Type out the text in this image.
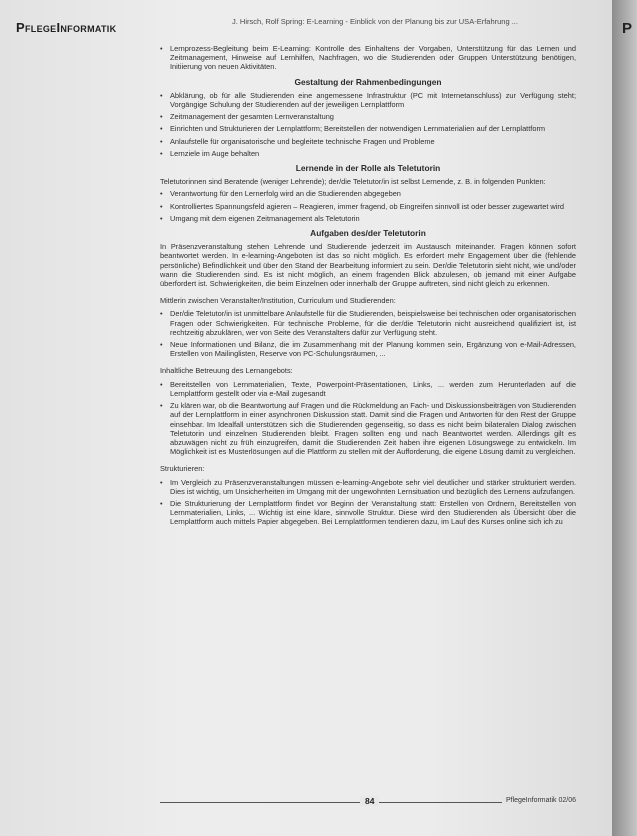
PflegeInformatik	J. Hirsch, Rolf Spring: E-Learning - Einblick von der Planung bis zur USA-Erfahrung ...
• Lernprozess-Begleitung beim E-Learning: Kontrolle des Einhaltens der Vorgaben, Unterstützung für das Lernen und Zeitmanagement, Hinweise auf Lernhilfen, Nachfragen, wo die Studierenden oder Gruppen Unterstützung benötigen, Initiierung von neuen Aktivitäten.
Gestaltung der Rahmenbedingungen
• Abklärung, ob für alle Studierenden eine angemessene Infrastruktur (PC mit Internetanschluss) zur Verfügung steht; Vorgängige Schulung der Studierenden auf der jeweiligen Lernplattform
• Zeitmanagement der gesamten Lernveranstaltung
• Einrichten und Strukturieren der Lernplattform; Bereitstellen der notwendigen Lernmaterialien auf der Lernplattform
• Anlaufstelle für organisatorische und begleitete technische Fragen und Probleme
• Lernziele im Auge behalten
Lernende in der Rolle als Teletutorin

Teletutorinnen sind Beratende (weniger Lehrende); der/die Teletutor/in ist selbst Lernende, z. B. in folgenden Punkten:

• Verantwortung für den Lernerfolg wird an die Studierenden abgegeben
• Kontrolliertes Spannungsfeld agieren – Reagieren, immer fragend, ob Eingreifen sinnvoll ist oder besser zugewartet wird
• Umgang mit dem eigenen Zeitmanagement als Teletutorin
Aufgaben des/der Teletutorin

In Präsenzveranstaltung stehen Lehrende und Studierende jederzeit im Austausch miteinander. Fragen können sofort beantwortet werden. In e-learning-Angeboten ist das so nicht möglich. Es erfordert mehr Engagement über die (fehlende persönliche) Befindlichkeit und über den Stand der Bearbeitung informiert zu sein. Der/die Teletutorin sieht nicht, wie und/oder wann die Studierenden sind. Es ist nicht möglich, an einem fragenden Blick abzulesen, ob jemand mit einer Aufgabe überfordert ist. Schwierigkeiten, die beim Einzelnen oder innerhalb der Gruppe auftreten, sind nicht gleich zu erkennen.

Mittlerin zwischen Veranstalter/Institution, Curriculum und Studierenden:

• Der/die Teletutor/in ist unmittelbare Anlaufstelle für die Studierenden, beispielsweise bei technischen oder organisatorischen Fragen oder Schwierigkeiten. Für technische Probleme, für die der/die Teletutorin nicht ausreichend qualifiziert ist, ist rechtzeitig abzuklären, wer von Seite des Veranstalters dafür zur Verfügung steht.
• Neue Informationen und Bilanz, die im Zusammenhang mit der Planung kommen sein, Ergänzung von e-Mail-Adressen, Erstellen von Mailinglisten, Reserve von PC-Schulungsräumen, ...

Inhaltliche Betreuung des Lernangebots:

• Bereitstellen von Lernmaterialien, Texte, Powerpoint-Präsentationen, Links, ... werden zum Herunterladen auf die Lernplattform gestellt oder via e-Mail zugesandt
• Zu klären war, ob die Beantwortung auf Fragen und die Rückmeldung an Fach- und Diskussionsbeiträgen von Studierenden auf der Lernplattform in einer asynchronen Diskussion statt. Damit sind die Fragen und Antworten für den Rest der Gruppe einsehbar. Im Idealfall unterstützen sich die Studierenden gegenseitig, so dass es nicht beim bilateralen Dialog zwischen Teletutorin und einzelnen Studierenden bleibt. Fragen sollten eng und nach Beantwortet werden. Allerdings gilt es abzuwägen nicht zu früh einzugreifen, damit die Studierenden Zeit haben ihre eigenen Lösungswege zu entwickeln. Im Möglichkeit ist es Musterlösungen auf die Plattform zu stellen mit der Aufforderung, die eigene Lösung damit zu vergleichen.

Strukturieren:

• Im Vergleich zu Präsenzveranstaltungen müssen e-learning-Angebote sehr viel deutlicher und stärker strukturiert werden. Dies ist wichtig, um Unsicherheiten im Umgang mit der ungewohnten Lernsituation und bezüglich des Lernens aufzufangen.
• Die Strukturierung der Lernplattform findet vor Beginn der Veranstaltung statt: Erstellen von Ordnern, Bereitstellen von Lernmaterialien, Links, ... Wichtig ist eine klare, sinnvolle Struktur. Diese wird den Studierenden als Übersicht über die Lernplattform auch mittels Papier abgegeben. Bei Lernplattformen tendieren dazu, im Lauf des Kurses online sich ich zu
84	PflegeInformatik 02/06
P
